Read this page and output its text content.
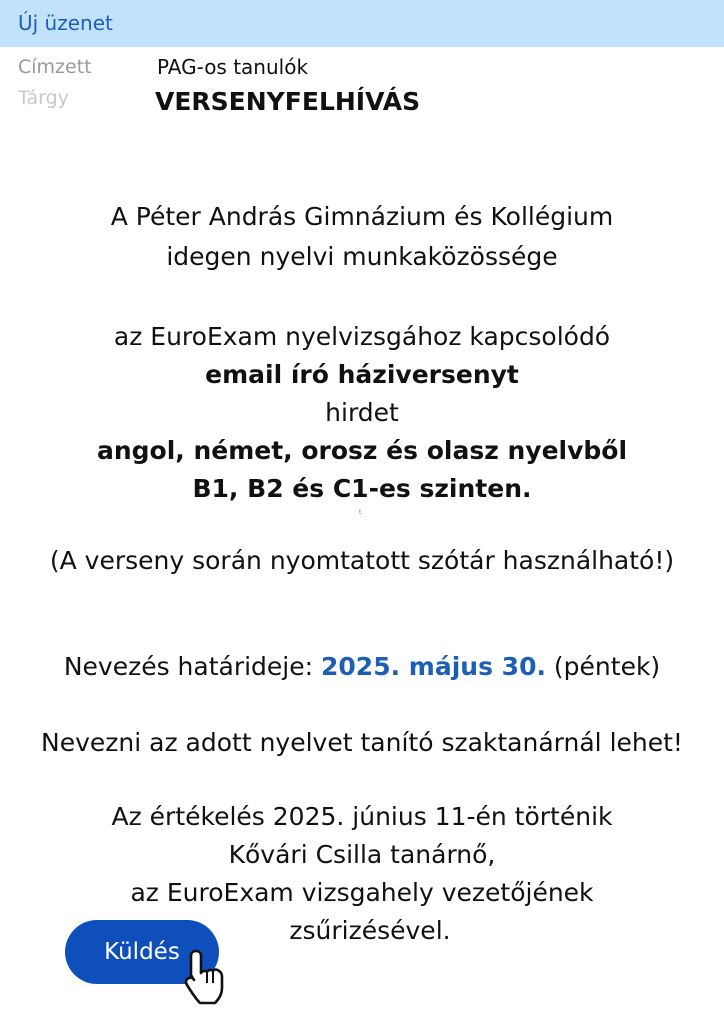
Új üzenet
Címzett	PAG-os tanulók
Tárgy	VERSENYFELHÍVÁS
A Péter András Gimnázium és Kollégium
idegen nyelvi munkaközössége
az EuroExam nyelvizsgához kapcsolódó
email író háziversenyt
hirdet
angol, német, orosz és olasz nyelvből
B1, B2 és C1-es szinten.
t
(A verseny során nyomtatott szótár használható!)
Nevezés határideje: 2025. május 30. (péntek)
Nevezni az adott nyelvet tanító szaktanárnál lehet!
Az értékelés 2025. június 11-én történik
Kővári Csilla tanárnő,
az EuroExam vizsgahely vezetőjének
zsűrizésével.
Küldés
